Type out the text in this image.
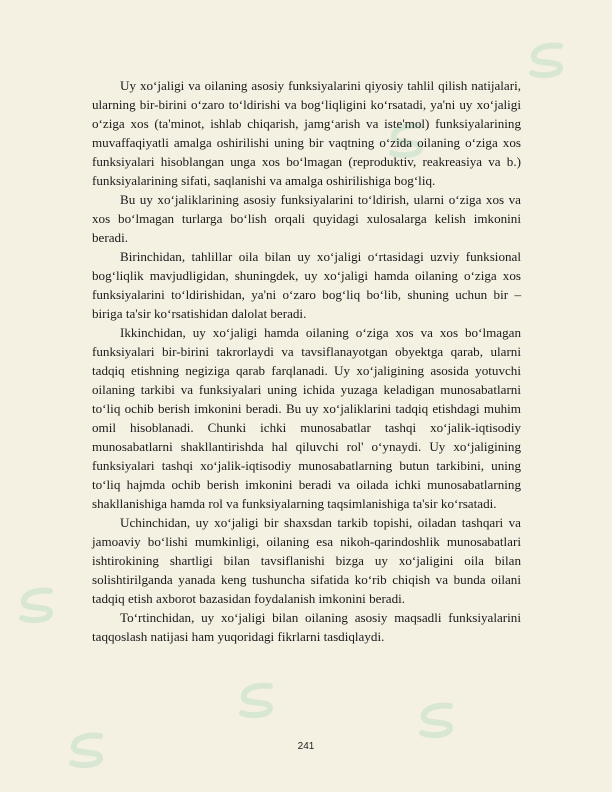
Uy xo‘jaligi va oilaning asosiy funksiyalarini qiyosiy tahlil qilish natijalari, ularning bir-birini o‘zaro to‘ldirishi va bog‘liqligini ko‘rsatadi, ya'ni uy xo‘jaligi o‘ziga xos (ta'minot, ishlab chiqarish, jamg‘arish va iste'mol) funksiyalarining muvaffaqiyatli amalga oshirilishi uning bir vaqtning o‘zida oilaning o‘ziga xos funksiyalari hisoblangan unga xos bo‘lmagan (reproduktiv, reakreasiya va b.) funksiyalarining sifati, saqlanishi va amalga oshirilishiga bog‘liq.

Bu uy xo‘jaliklarining asosiy funksiyalarini to‘ldirish, ularni o‘ziga xos va xos bo‘lmagan turlarga bo‘lish orqali quyidagi xulosalarga kelish imkonini beradi.

Birinchidan, tahlillar oila bilan uy xo‘jaligi o‘rtasidagi uzviy funksional bog‘liqlik mavjudligidan, shuningdek, uy xo‘jaligi hamda oilaning o‘ziga xos funksiyalarini to‘ldirishidan, ya'ni o‘zaro bog‘liq bo‘lib, shuning uchun bir – biriga ta'sir ko‘rsatishidan dalolat beradi.

Ikkinchidan, uy xo‘jaligi hamda oilaning o‘ziga xos va xos bo‘lmagan funksiyalari bir-birini takrorlaydi va tavsiflanayotgan obyektga qarab, ularni tadqiq etishning negiziga qarab farqlanadi. Uy xo‘jaligining asosida yotuvchi oilaning tarkibi va funksiyalari uning ichida yuzaga keladigan munosabatlarni to‘liq ochib berish imkonini beradi. Bu uy xo‘jaliklarini tadqiq etishdagi muhim omil hisoblanadi. Chunki ichki munosabatlar tashqi xo‘jalik-iqtisodiy munosabatlarni shakllantirishda hal qiluvchi rol' o‘ynaydi. Uy xo‘jaligining funksiyalari tashqi xo‘jalik-iqtisodiy munosabatlarning butun tarkibini, uning to‘liq hajmda ochib berish imkonini beradi va oilada ichki munosabatlarning shakllanishiga hamda rol va funksiyalarning taqsimlanishiga ta'sir ko‘rsatadi.

Uchinchidan, uy xo‘jaligi bir shaxsdan tarkib topishi, oiladan tashqari va jamoaviy bo‘lishi mumkinligi, oilaning esa nikoh-qarindoshlik munosabatlari ishtirokining shartligi bilan tavsiflanishi bizga uy xo‘jaligini oila bilan solishtirilganda yanada keng tushuncha sifatida ko‘rib chiqish va bunda oilani tadqiq etish axborot bazasidan foydalanish imkonini beradi.

To‘rtinchidan, uy xo‘jaligi bilan oilaning asosiy maqsadli funksiyalarini taqqoslash natijasi ham yuqoridagi fikrlarni tasdiqlaydi.

241
